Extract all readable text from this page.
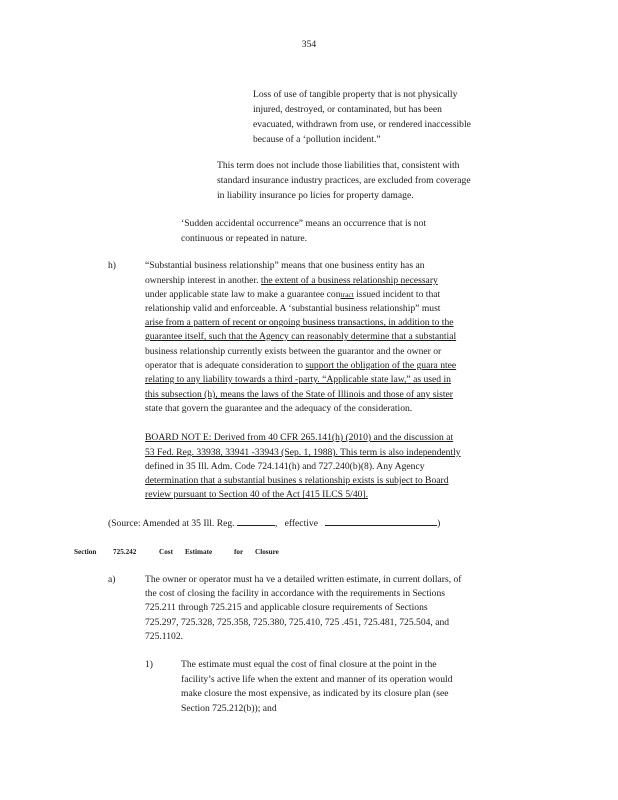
354

Loss of use of tangible property that is not physically

injured, destroyed, or contaminated, but has been

evacuated, withdrawn from use, or rendered inaccessible

because of a ‘pollution incident.”

This term does not include those liabilities that, consistent with

standard insurance industry practices, are excluded from coverage

in liability insurance po licies for property damage.

‘Sudden accidental occurrence” means an occurrence that is not

continuous or repeated in nature.

h)	“Substantial business relationship” means that one business entity has an

ownership interest in another. the extent of a business relationship necessary

under applicable state law to make a guarantee contract issued incident to that

relationship valid and enforceable. A ‘substantial business relationship” must

arise from a pattern of recent or ongoing business transactions, in addition to the

guarantee itself, such that the Agency can reasonably determine that a substantial

business relationship currently exists between the guarantor and the owner or

operator that is adequate consideration to support the obligation of the guara ntee

relating to any liability towards a third -party. “Applicable state law,” as used in

this subsection (h), means the laws of the State of Illinois and those of any sister

state that govern the guarantee and the adequacy of the consideration.

BOARD NOT E: Derived from 40 CFR 265.141(h) (2010) and the discussion at

53 Fed. Reg. 33938, 33941 -33943 (Sep. 1, 1988). This term is also independently

defined in 35 Ill. Adm. Code 724.141(h) and 727.240(b)(8). Any Agency

determination that a substantial busines s relationship exists is subject to Board

review pursuant to Section 40 of the Act [415 ILCS 5/40].

(Source: Amended at 35 Ill. Reg.	, effective	)

Section 725.242	Cost Estimate	for Closure

a)	The owner or operator must ha ve a detailed written estimate, in current dollars, of

the cost of closing the facility in accordance with the requirements in Sections

725.211 through 725.215 and applicable closure requirements of Sections

725.297, 725.328, 725.358, 725.380, 725.410, 725 .451, 725.481, 725.504, and

725.1102.

1)	The estimate must equal the cost of final closure at the point in the

facility’s active life when the extent and manner of its operation would

make closure the most expensive, as indicated by its closure plan (see

Section 725.212(b)); and
